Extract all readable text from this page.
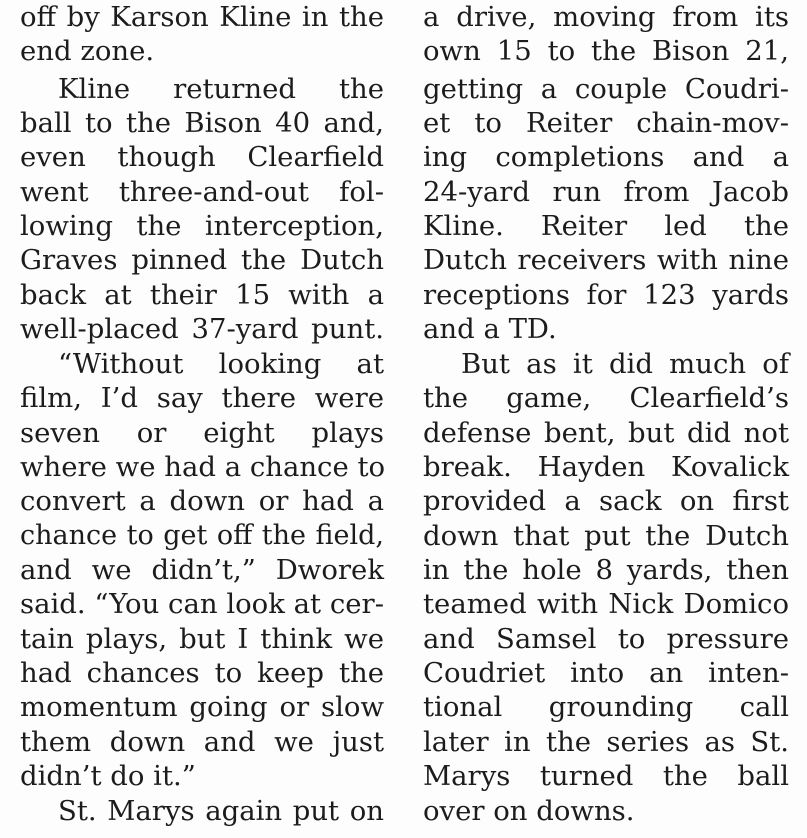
off by Karson Kline in the
end zone.
Kline returned the
ball to the Bison 40 and,
even though Clearfield
went three-and-out fol-
lowing the interception,
Graves pinned the Dutch
back at their 15 with a
well-placed 37-yard punt.
“Without looking at
film, I’d say there were
seven or eight plays
where we had a chance to
convert a down or had a
chance to get off the field,
and we didn’t,” Dworek
said. “You can look at cer-
tain plays, but I think we
had chances to keep the
momentum going or slow
them down and we just
didn’t do it.”
St. Marys again put on
a drive, moving from its
own 15 to the Bison 21,
getting a couple Coudri-
et to Reiter chain-mov-
ing completions and a
24-yard run from Jacob
Kline. Reiter led the
Dutch receivers with nine
receptions for 123 yards
and a TD.
But as it did much of
the game, Clearfield’s
defense bent, but did not
break. Hayden Kovalick
provided a sack on first
down that put the Dutch
in the hole 8 yards, then
teamed with Nick Domico
and Samsel to pressure
Coudriet into an inten-
tional grounding call
later in the series as St.
Marys turned the ball
over on downs.
